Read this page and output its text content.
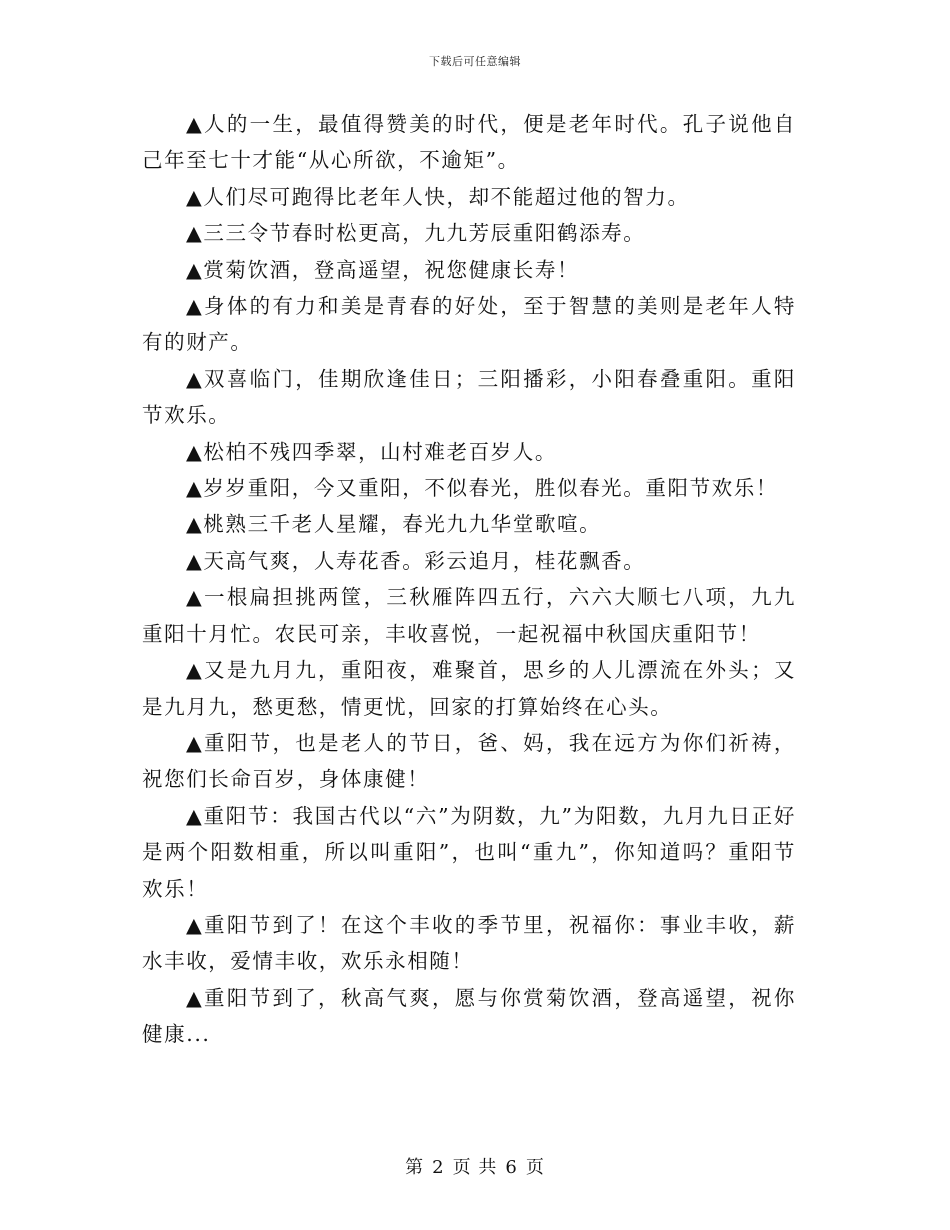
下载后可任意编辑

▲人的一生，最值得赞美的时代，便是老年时代。孔子说他自己年至七十才能“从心所欲，不逾矩”。

▲人们尽可跑得比老年人快，却不能超过他的智力。

▲三三令节春时松更高，九九芳辰重阳鹤添寿。

▲赏菊饮酒，登高遥望，祝您健康长寿！

▲身体的有力和美是青春的好处，至于智慧的美则是老年人特有的财产。

▲双喜临门，佳期欣逢佳日；三阳播彩，小阳春叠重阳。重阳节欢乐。

▲松柏不残四季翠，山村难老百岁人。

▲岁岁重阳，今又重阳，不似春光，胜似春光。重阳节欢乐！

▲桃熟三千老人星耀，春光九九华堂歌喧。

▲天高气爽，人寿花香。彩云追月，桂花飘香。

▲一根扁担挑两筐，三秋雁阵四五行，六六大顺七八项，九九重阳十月忙。农民可亲，丰收喜悦，一起祝福中秋国庆重阳节！

▲又是九月九，重阳夜，难聚首，思乡的人儿漂流在外头；又是九月九，愁更愁，情更忧，回家的打算始终在心头。

▲重阳节，也是老人的节日，爸、妈，我在远方为你们祈祷，祝您们长命百岁，身体康健！

▲重阳节：我国古代以“六”为阴数，九”为阳数，九月九日正好是两个阳数相重，所以叫重阳”，也叫“重九”，你知道吗？重阳节欢乐！

▲重阳节到了！在这个丰收的季节里，祝福你：事业丰收，薪水丰收，爱情丰收，欢乐永相随！

▲重阳节到了，秋高气爽，愿与你赏菊饮酒，登高遥望，祝你健康...

第 2 页 共 6 页
